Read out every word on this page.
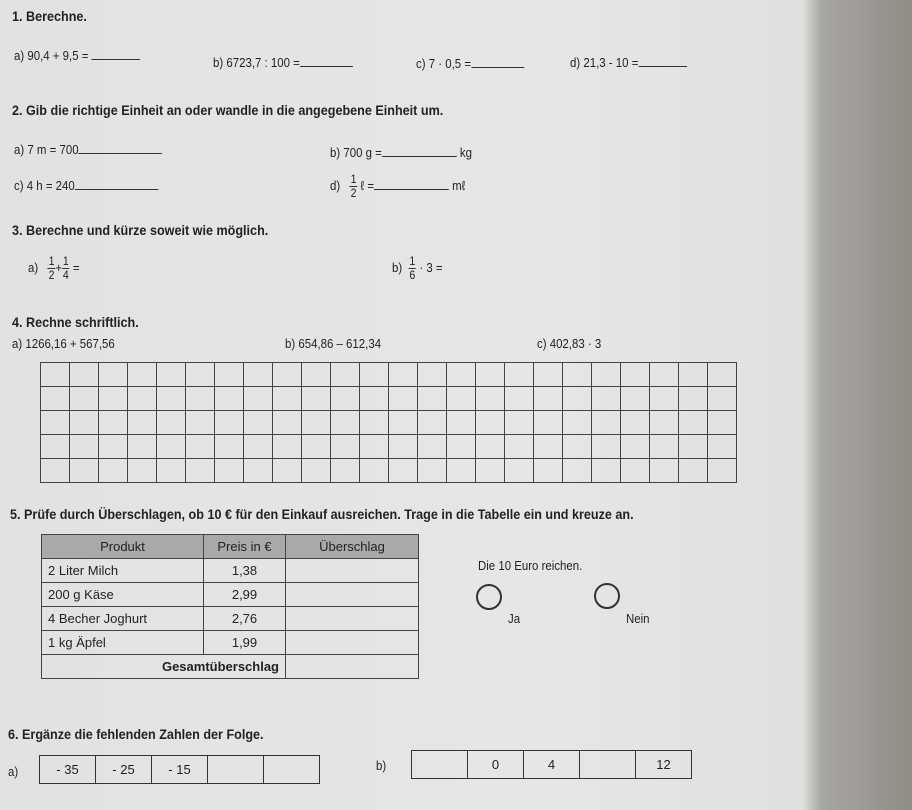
1. Berechne.
a) 90,4 + 9,5 =	b) 6723,7 : 100 =	c) 7 · 0,5 =	d) 21,3 - 10 =
2. Gib die richtige Einheit an oder wandle in die angegebene Einheit um.
a) 7 m = 700	b) 700 g =	kg
c) 4 h = 240	$d) \frac{1}{2}$ ℓ =	mℓ
3. Berechne und kürze soweit wie möglich.
$a) \frac{1}{2} + \frac{1}{4}$ =	$b) \frac{1}{6} \cdot 3$ =
4. Rechne schriftlich.
a) 1266,16 + 567,56	b) 654,86 – 612,34	c) 402,83 · 3

5. Prüfe durch Überschlagen, ob 10 € für den Einkauf ausreichen. Trage in die Tabelle ein und kreuze an.
Produkt	Preis in €	Überschlag
2 Liter Milch	1,38	
200 g Käse	2,99	
4 Becher Joghurt	2,76	
1 kg Äpfel	1,99	
Gesamtüberschlag		
Die 10 Euro reichen.
Ja	Nein
6. Ergänze die fehlenden Zahlen der Folge.
a)	- 35	- 25	- 15			b)
		0	4		12
